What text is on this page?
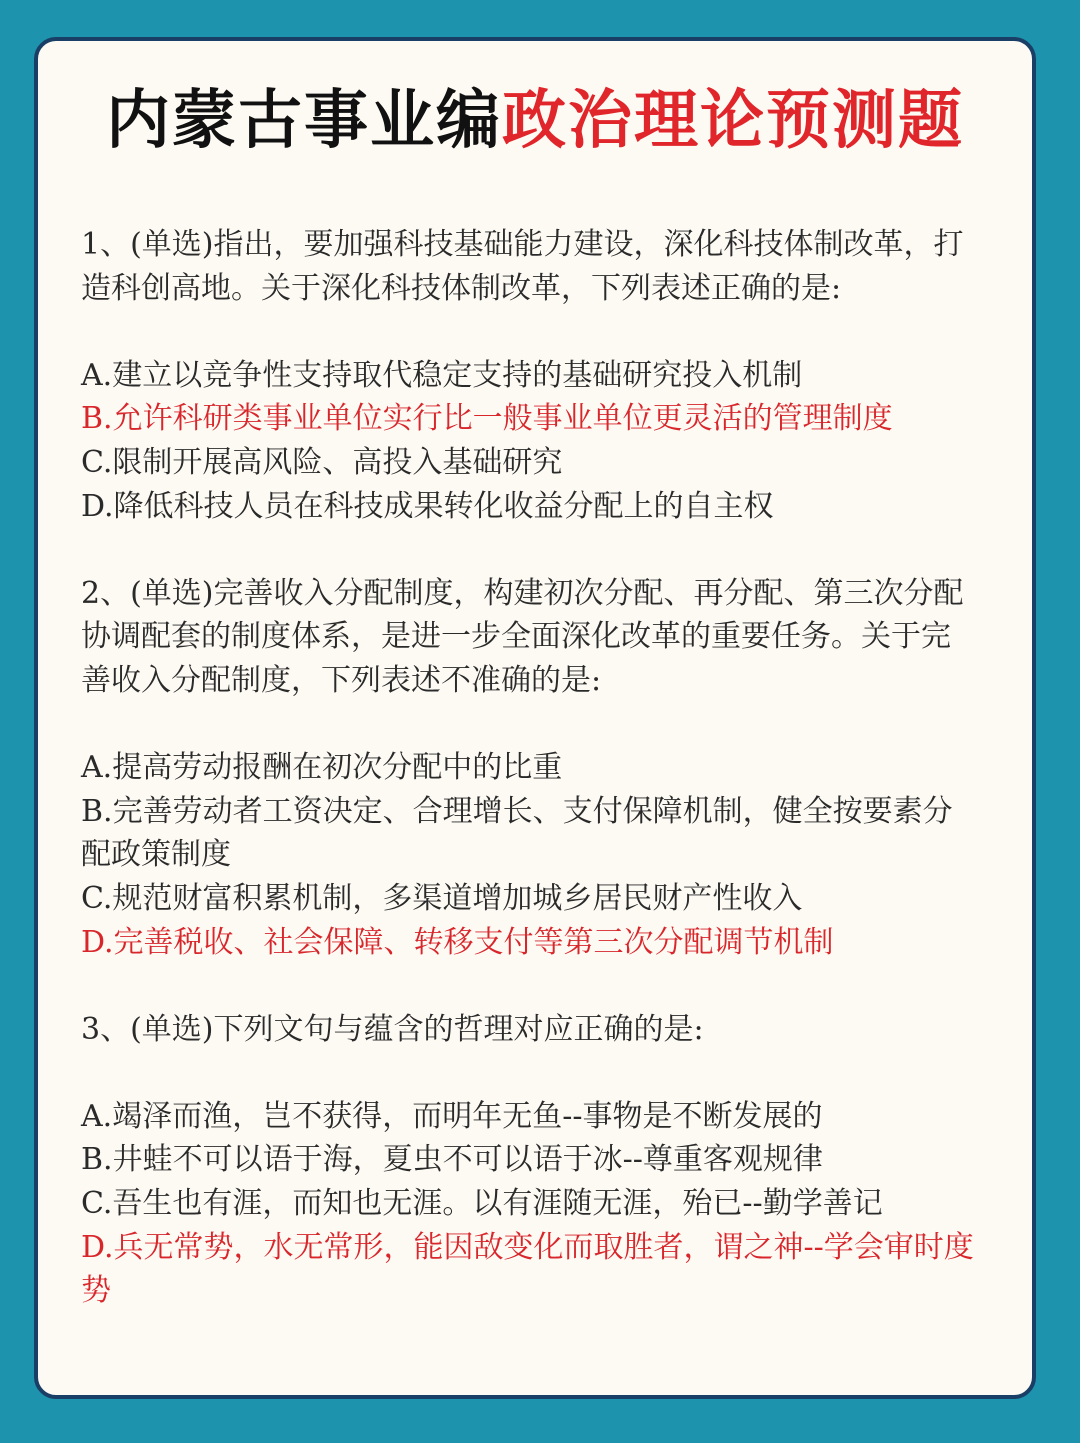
内蒙古事业编政治理论预测题
1、(单选)指出，要加强科技基础能力建设，深化科技体制改革，打
造科创高地。关于深化科技体制改革，下列表述正确的是:
A.建立以竞争性支持取代稳定支持的基础研究投入机制
B.允许科研类事业单位实行比一般事业单位更灵活的管理制度
C.限制开展高风险、高投入基础研究
D.降低科技人员在科技成果转化收益分配上的自主权
2、(单选)完善收入分配制度，构建初次分配、再分配、第三次分配
协调配套的制度体系，是进一步全面深化改革的重要任务。关于完
善收入分配制度，下列表述不准确的是:
A.提高劳动报酬在初次分配中的比重
B.完善劳动者工资决定、合理增长、支付保障机制，健全按要素分
配政策制度
C.规范财富积累机制，多渠道增加城乡居民财产性收入
D.完善税收、社会保障、转移支付等第三次分配调节机制
3、(单选)下列文句与蕴含的哲理对应正确的是:
A.竭泽而渔，岂不获得，而明年无鱼--事物是不断发展的
B.井蛙不可以语于海，夏虫不可以语于冰--尊重客观规律
C.吾生也有涯，而知也无涯。以有涯随无涯，殆已--勤学善记
D.兵无常势，水无常形，能因敌变化而取胜者，谓之神--学会审时度
势
